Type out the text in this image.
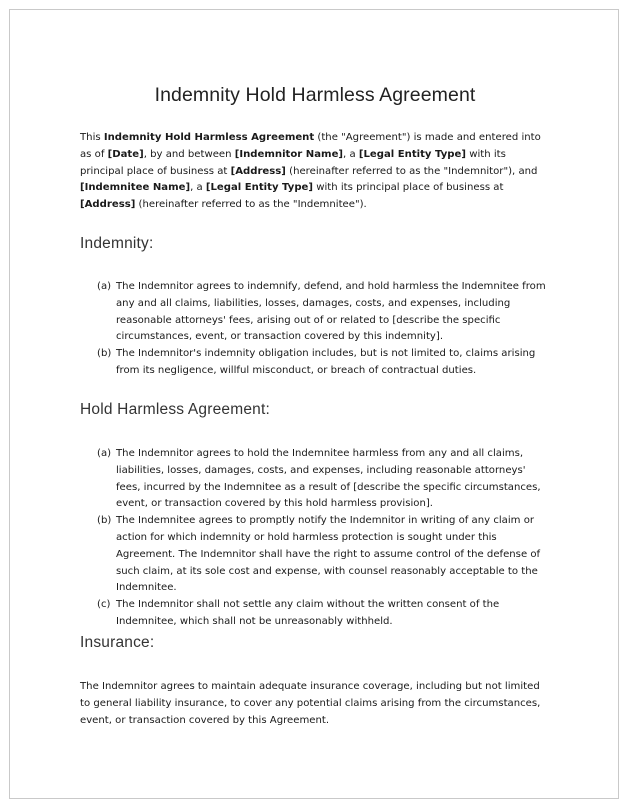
Indemnity Hold Harmless Agreement

This Indemnity Hold Harmless Agreement (the "Agreement") is made and entered into as of [Date], by and between [Indemnitor Name], a [Legal Entity Type] with its principal place of business at [Address] (hereinafter referred to as the "Indemnitor"), and [Indemnitee Name], a [Legal Entity Type] with its principal place of business at [Address] (hereinafter referred to as the "Indemnitee").

Indemnity:
(a) The Indemnitor agrees to indemnify, defend, and hold harmless the Indemnitee from any and all claims, liabilities, losses, damages, costs, and expenses, including reasonable attorneys' fees, arising out of or related to [describe the specific circumstances, event, or transaction covered by this indemnity].
(b) The Indemnitor's indemnity obligation includes, but is not limited to, claims arising from its negligence, willful misconduct, or breach of contractual duties.
Hold Harmless Agreement:
(a) The Indemnitor agrees to hold the Indemnitee harmless from any and all claims, liabilities, losses, damages, costs, and expenses, including reasonable attorneys' fees, incurred by the Indemnitee as a result of [describe the specific circumstances, event, or transaction covered by this hold harmless provision].
(b) The Indemnitee agrees to promptly notify the Indemnitor in writing of any claim or action for which indemnity or hold harmless protection is sought under this Agreement. The Indemnitor shall have the right to assume control of the defense of such claim, at its sole cost and expense, with counsel reasonably acceptable to the Indemnitee.
(c) The Indemnitor shall not settle any claim without the written consent of the Indemnitee, which shall not be unreasonably withheld.
Insurance:

The Indemnitor agrees to maintain adequate insurance coverage, including but not limited to general liability insurance, to cover any potential claims arising from the circumstances, event, or transaction covered by this Agreement.
